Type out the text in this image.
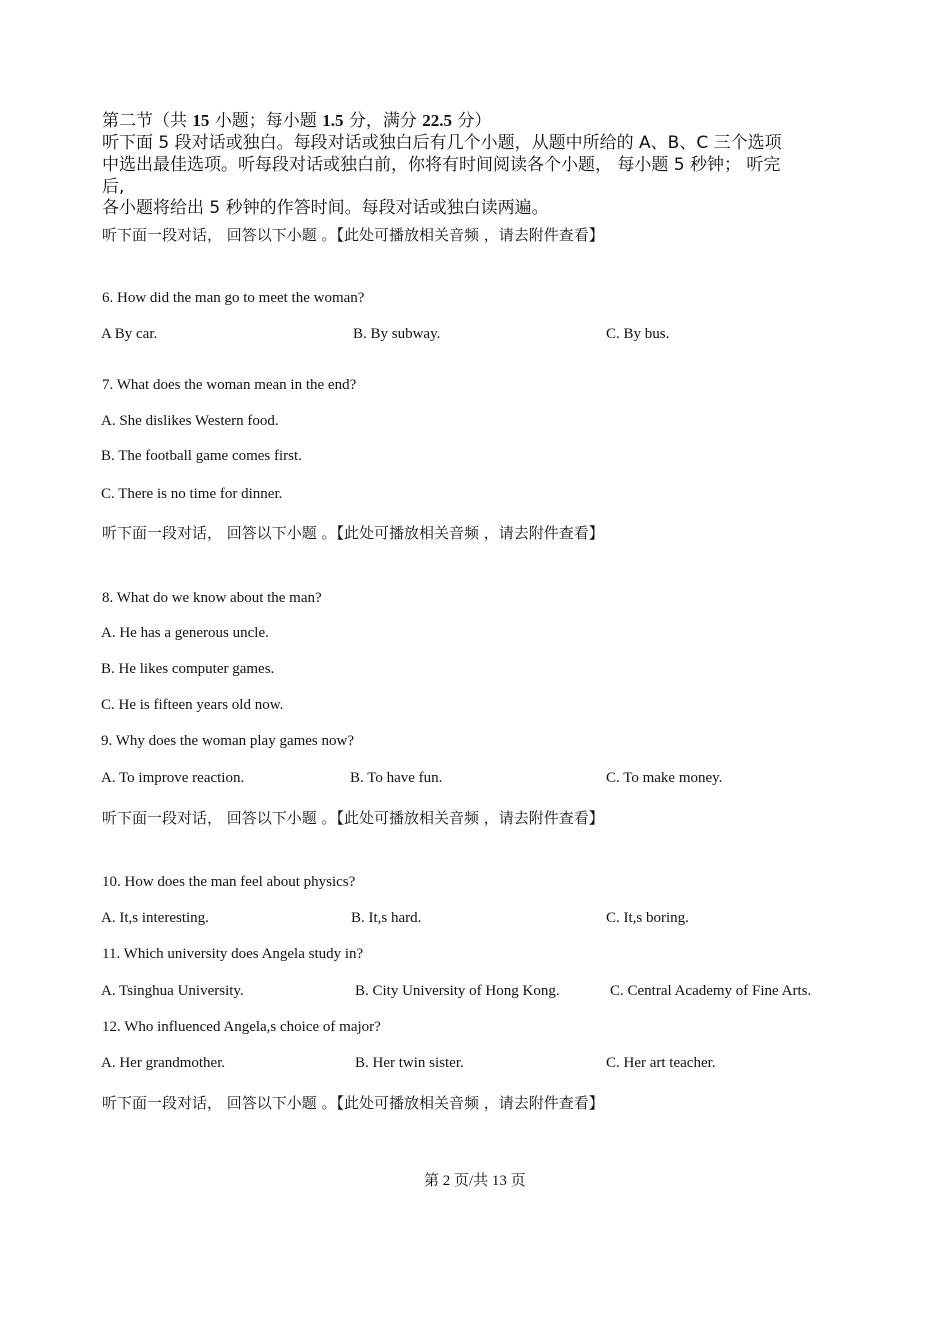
第二节（共 15 小题；每小题 1.5 分，满分 22.5 分）
听下面 5 段对话或独白。每段对话或独白后有几个小题，从题中所给的 A、B、C 三个选项
中选出最佳选项。听每段对话或独白前，你将有时间阅读各个小题， 每小题 5 秒钟； 听完
后,
各小题将给出 5 秒钟的作答时间。每段对话或独白读两遍。
听下面一段对话， 回答以下小题 。【此处可播放相关音频 ，请去附件查看】
6. How did the man go to meet the woman?
A By car.	B. By subway.	C. By bus.
7. What does the woman mean in the end?
A. She dislikes Western food.
B. The football game comes first.
C. There is no time for dinner.
听下面一段对话， 回答以下小题 。【此处可播放相关音频 ，请去附件查看】
8. What do we know about the man?
A. He has a generous uncle.
B. He likes computer games.
C. He is fifteen years old now.
9. Why does the woman play games now?
A. To improve reaction.	B. To have fun.	C. To make money.
听下面一段对话， 回答以下小题 。【此处可播放相关音频 ，请去附件查看】
10. How does the man feel about physics?
A. It,s interesting.	B. It,s hard.	C. It,s boring.
11. Which university does Angela study in?
A. Tsinghua University.	B. City University of Hong Kong.	C. Central Academy of Fine Arts.
12. Who influenced Angela,s choice of major?
A. Her grandmother.	B. Her twin sister.	C. Her art teacher.
听下面一段对话， 回答以下小题 。【此处可播放相关音频 ，请去附件查看】
第 2 页/共 13 页
